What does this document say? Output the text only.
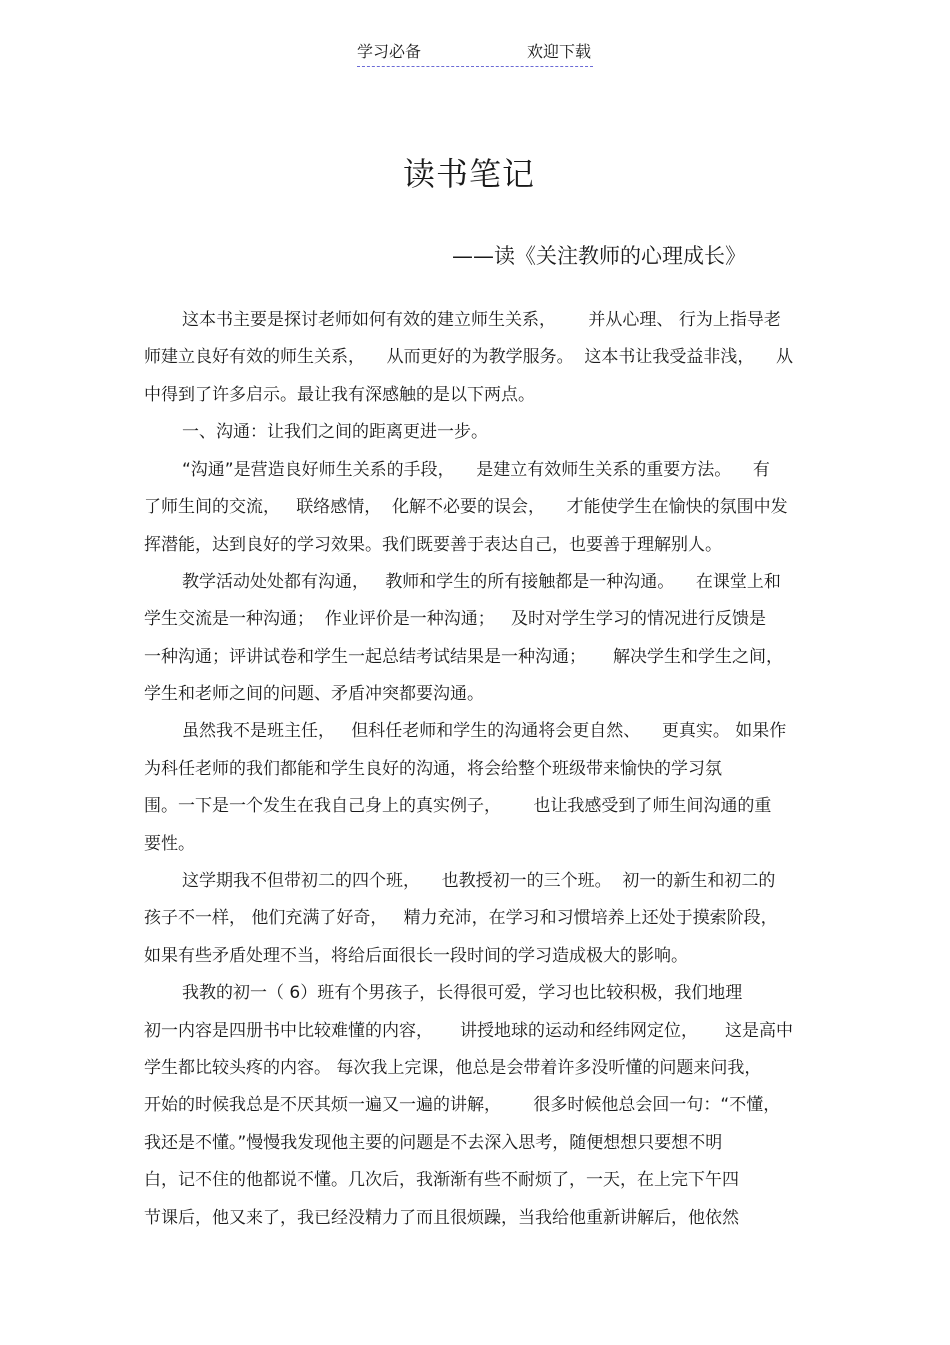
学习必备	欢迎下载
读书笔记
——读《关注教师的心理成长》
这本书主要是探讨老师如何有效的建立师生关系，      并从心理、 行为上指导老
师建立良好有效的师生关系，    从而更好的为教学服务。  这本书让我受益非浅，    从
中得到了许多启示。最让我有深感触的是以下两点。
一、沟通：让我们之间的距离更进一步。
“沟通”是营造良好师生关系的手段，    是建立有效师生关系的重要方法。    有
了师生间的交流，   联络感情，  化解不必要的误会，    才能使学生在愉快的氛围中发
挥潜能，达到良好的学习效果。我们既要善于表达自己，也要善于理解别人。
教学活动处处都有沟通，   教师和学生的所有接触都是一种沟通。    在课堂上和
学生交流是一种沟通；  作业评价是一种沟通；   及时对学生学习的情况进行反馈是
一种沟通；评讲试卷和学生一起总结考试结果是一种沟通；     解决学生和学生之间，
学生和老师之间的问题、矛盾冲突都要沟通。
虽然我不是班主任，   但科任老师和学生的沟通将会更自然、    更真实。 如果作
为科任老师的我们都能和学生良好的沟通，将会给整个班级带来愉快的学习氛
围。一下是一个发生在我自己身上的真实例子，      也让我感受到了师生间沟通的重
要性。
这学期我不但带初二的四个班，    也教授初一的三个班。  初一的新生和初二的
孩子不一样， 他们充满了好奇，   精力充沛，在学习和习惯培养上还处于摸索阶段，
如果有些矛盾处理不当，将给后面很长一段时间的学习造成极大的影响。
我教的初一（ 6）班有个男孩子，长得很可爱，学习也比较积极，我们地理
初一内容是四册书中比较难懂的内容，     讲授地球的运动和经纬网定位，     这是高中
学生都比较头疼的内容。 每次我上完课，他总是会带着许多没听懂的问题来问我，
开始的时候我总是不厌其烦一遍又一遍的讲解，      很多时候他总会回一句：“不懂，
我还是不懂。”慢慢我发现他主要的问题是不去深入思考，随便想想只要想不明
白，记不住的他都说不懂。几次后，我渐渐有些不耐烦了，一天，在上完下午四
节课后，他又来了，我已经没精力了而且很烦躁，当我给他重新讲解后，他依然
